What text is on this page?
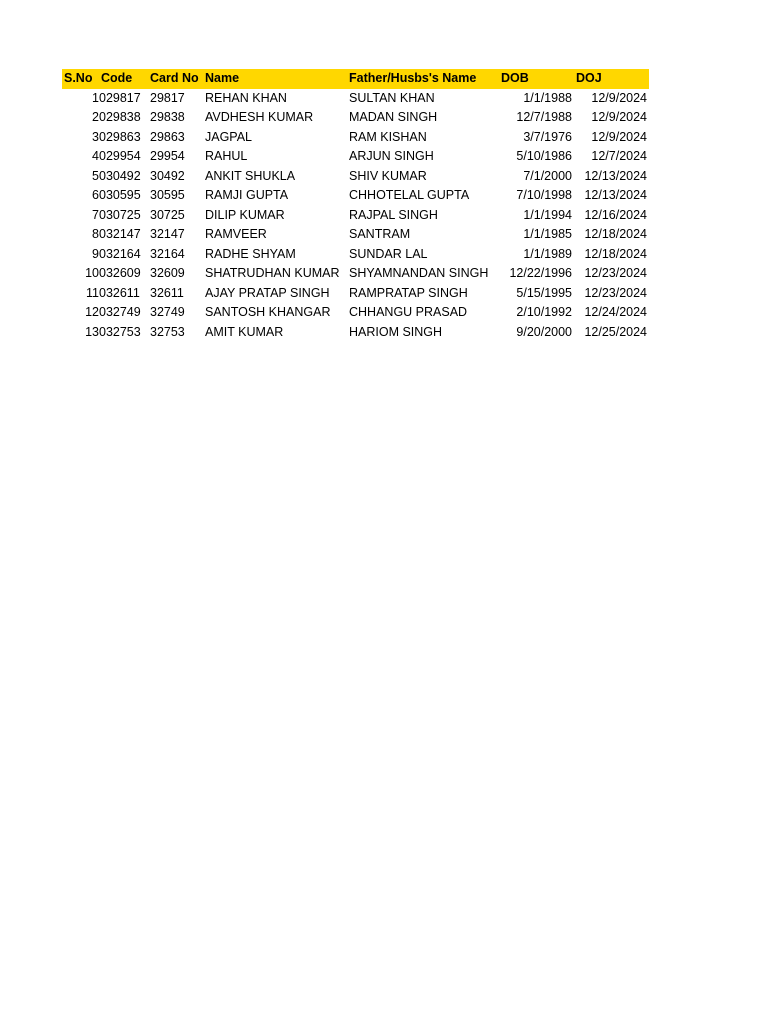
S.No	Code	Card No	Name	Father/Husbs's Name	DOB	DOJ
1	029817	29817	REHAN KHAN	SULTAN KHAN	1/1/1988	12/9/2024
2	029838	29838	AVDHESH KUMAR	MADAN SINGH	12/7/1988	12/9/2024
3	029863	29863	JAGPAL	RAM KISHAN	3/7/1976	12/9/2024
4	029954	29954	RAHUL	ARJUN SINGH	5/10/1986	12/7/2024
5	030492	30492	ANKIT SHUKLA	SHIV KUMAR	7/1/2000	12/13/2024
6	030595	30595	RAMJI GUPTA	CHHOTELAL GUPTA	7/10/1998	12/13/2024
7	030725	30725	DILIP KUMAR	RAJPAL SINGH	1/1/1994	12/16/2024
8	032147	32147	RAMVEER	SANTRAM	1/1/1985	12/18/2024
9	032164	32164	RADHE SHYAM	SUNDAR LAL	1/1/1989	12/18/2024
10	032609	32609	SHATRUDHAN KUMAR	SHYAMNANDAN SINGH	12/22/1996	12/23/2024
11	032611	32611	AJAY PRATAP SINGH	RAMPRATAP SINGH	5/15/1995	12/23/2024
12	032749	32749	SANTOSH KHANGAR	CHHANGU PRASAD	2/10/1992	12/24/2024
13	032753	32753	AMIT KUMAR	HARIOM SINGH	9/20/2000	12/25/2024
